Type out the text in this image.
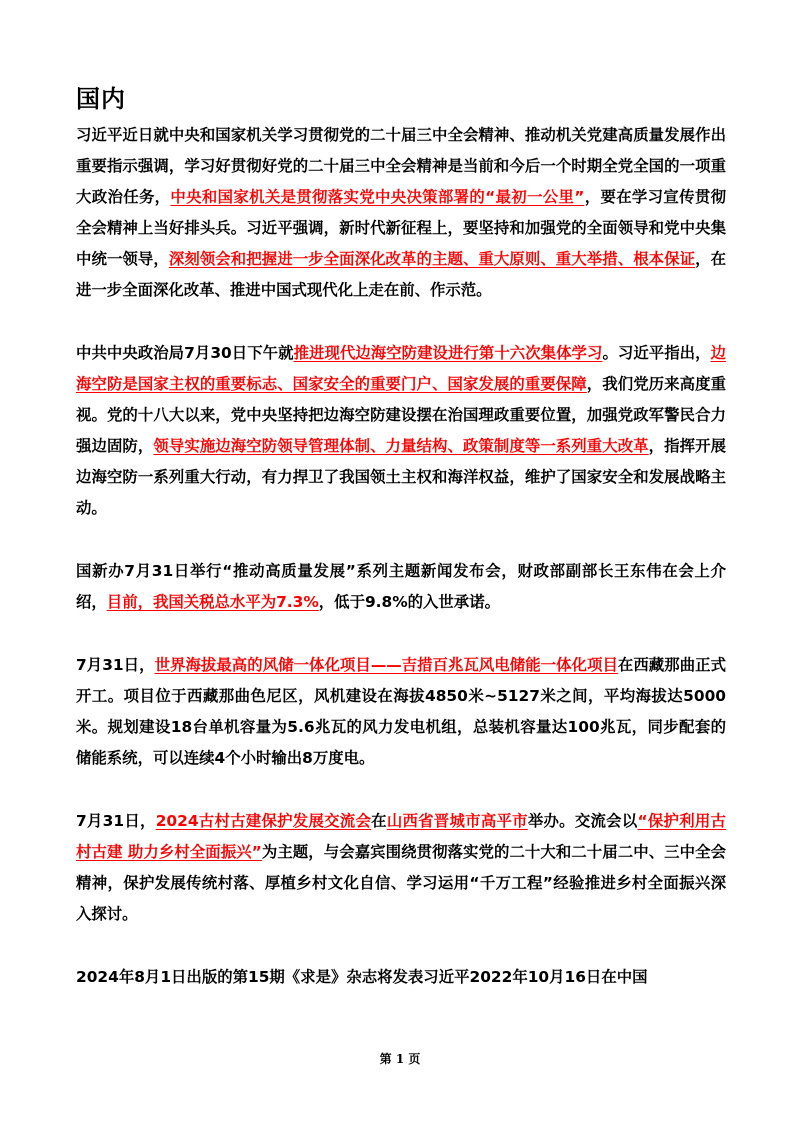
国内

习近平近日就中央和国家机关学习贯彻党的二十届三中全会精神、推动机关党建高质量发展作出重要指示强调，学习好贯彻好党的二十届三中全会精神是当前和今后一个时期全党全国的一项重大政治任务，中央和国家机关是贯彻落实党中央决策部署的“最初一公里”，要在学习宣传贯彻全会精神上当好排头兵。习近平强调，新时代新征程上，要坚持和加强党的全面领导和党中央集中统一领导，深刻领会和把握进一步全面深化改革的主题、重大原则、重大举措、根本保证，在进一步全面深化改革、推进中国式现代化上走在前、作示范。

中共中央政治局7月30日下午就推进现代边海空防建设进行第十六次集体学习。习近平指出，边海空防是国家主权的重要标志、国家安全的重要门户、国家发展的重要保障，我们党历来高度重视。党的十八大以来，党中央坚持把边海空防建设摆在治国理政重要位置，加强党政军警民合力强边固防，领导实施边海空防领导管理体制、力量结构、政策制度等一系列重大改革，指挥开展边海空防一系列重大行动，有力捍卫了我国领土主权和海洋权益，维护了国家安全和发展战略主动。

国新办7月31日举行“推动高质量发展”系列主题新闻发布会，财政部副部长王东伟在会上介绍，目前，我国关税总水平为7.3%，低于9.8%的入世承诺。

7月31日，世界海拔最高的风储一体化项目——吉措百兆瓦风电储能一体化项目在西藏那曲正式开工。项目位于西藏那曲色尼区，风机建设在海拔4850米~5127米之间，平均海拔达5000米。规划建设18台单机容量为5.6兆瓦的风力发电机组，总装机容量达100兆瓦，同步配套的储能系统，可以连续4个小时输出8万度电。

7月31日，2024古村古建保护发展交流会在山西省晋城市高平市举办。交流会以“保护利用古村古建 助力乡村全面振兴”为主题，与会嘉宾围绕贯彻落实党的二十大和二十届二中、三中全会精神，保护发展传统村落、厚植乡村文化自信、学习运用“千万工程”经验推进乡村全面振兴深入探讨。

2024年8月1日出版的第15期《求是》杂志将发表习近平2022年10月16日在中国

第 1 页
